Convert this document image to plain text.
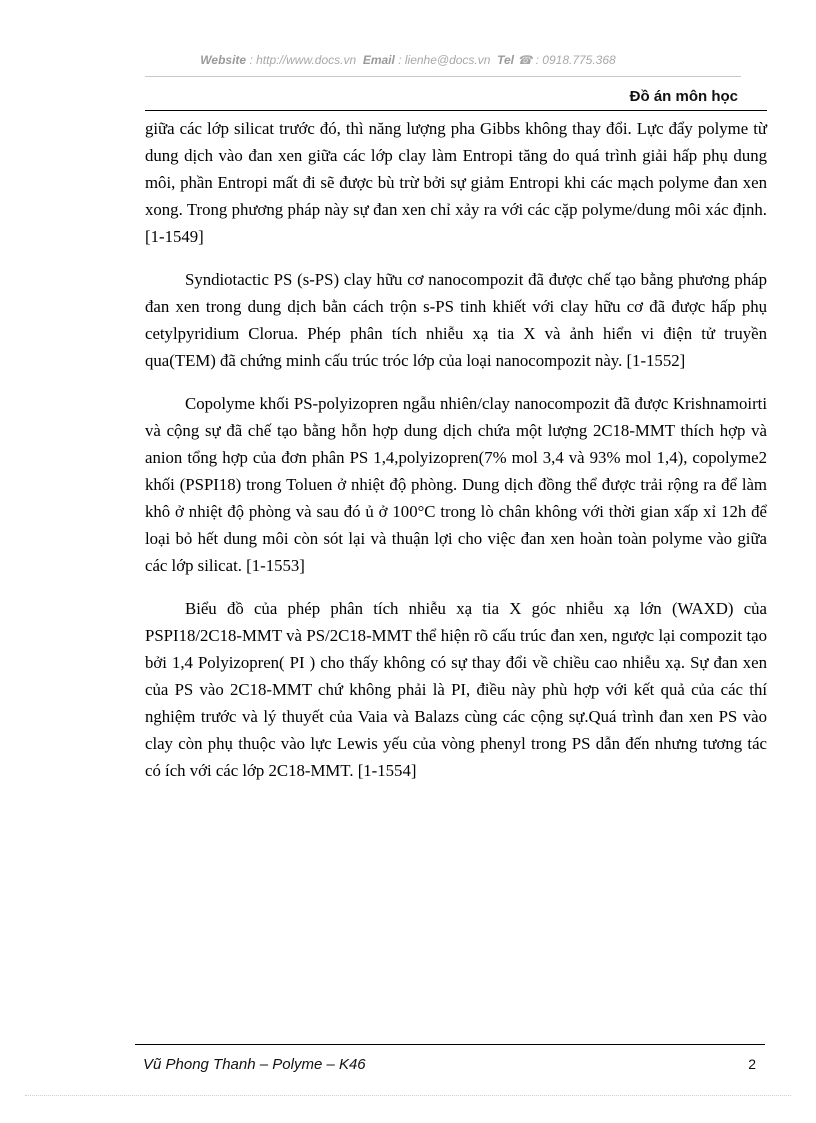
Website : http://www.docs.vn Email : lienhe@docs.vn Tel ☎ : 0918.775.368
Đồ án môn học

giữa các lớp silicat trước đó, thì năng lượng pha Gibbs không thay đổi. Lực đẩy polyme từ dung dịch vào đan xen giữa các lớp clay làm Entropi tăng do quá trình giải hấp phụ dung môi, phần Entropi mất đi sẽ được bù trừ bởi sự giảm Entropi khi các mạch polyme đan xen xong. Trong phương pháp này sự đan xen chỉ xảy ra với các cặp polyme/dung môi xác định.[1-1549]

Syndiotactic PS (s-PS) clay hữu cơ nanocompozit đã được chế tạo bằng phương pháp đan xen trong dung dịch bằn cách trộn s-PS tinh khiết với clay hữu cơ đã được hấp phụ cetylpyridium Clorua. Phép phân tích nhiễu xạ tia X và ảnh hiển vi điện tử truyền qua(TEM) đã chứng minh cấu trúc tróc lớp của loại nanocompozit này. [1-1552]

Copolyme khối PS-polyizopren ngẫu nhiên/clay nanocompozit đã được Krishnamoirti và cộng sự đã chế tạo bằng hỗn hợp dung dịch chứa một lượng 2C18-MMT thích hợp và anion tổng hợp của đơn phân PS 1,4,polyizopren(7% mol 3,4 và 93% mol 1,4), copolyme2 khối (PSPI18) trong Toluen ở nhiệt độ phòng. Dung dịch đồng thể được trải rộng ra để làm khô ở nhiệt độ phòng và sau đó ủ ở 100°C trong lò chân không với thời gian xấp xỉ 12h để loại bỏ hết dung môi còn sót lại và thuận lợi cho việc đan xen hoàn toàn polyme vào giữa các lớp silicat. [1-1553]

Biểu đồ của phép phân tích nhiễu xạ tia X góc nhiễu xạ lớn (WAXD) của PSPI18/2C18-MMT và PS/2C18-MMT thể hiện rõ cấu trúc đan xen, ngược lại compozit tạo bởi 1,4 Polyizopren( PI ) cho thấy không có sự thay đổi về chiều cao nhiễu xạ. Sự đan xen của PS vào 2C18-MMT chứ không phải là PI, điều này phù hợp với kết quả của các thí nghiệm trước và lý thuyết của Vaia và Balazs cùng các cộng sự.Quá trình đan xen PS vào clay còn phụ thuộc vào lực Lewis yếu của vòng phenyl trong PS dẫn đến nhưng tương tác có ích với các lớp 2C18-MMT. [1-1554]

Vũ Phong Thanh – Polyme – K46	2
